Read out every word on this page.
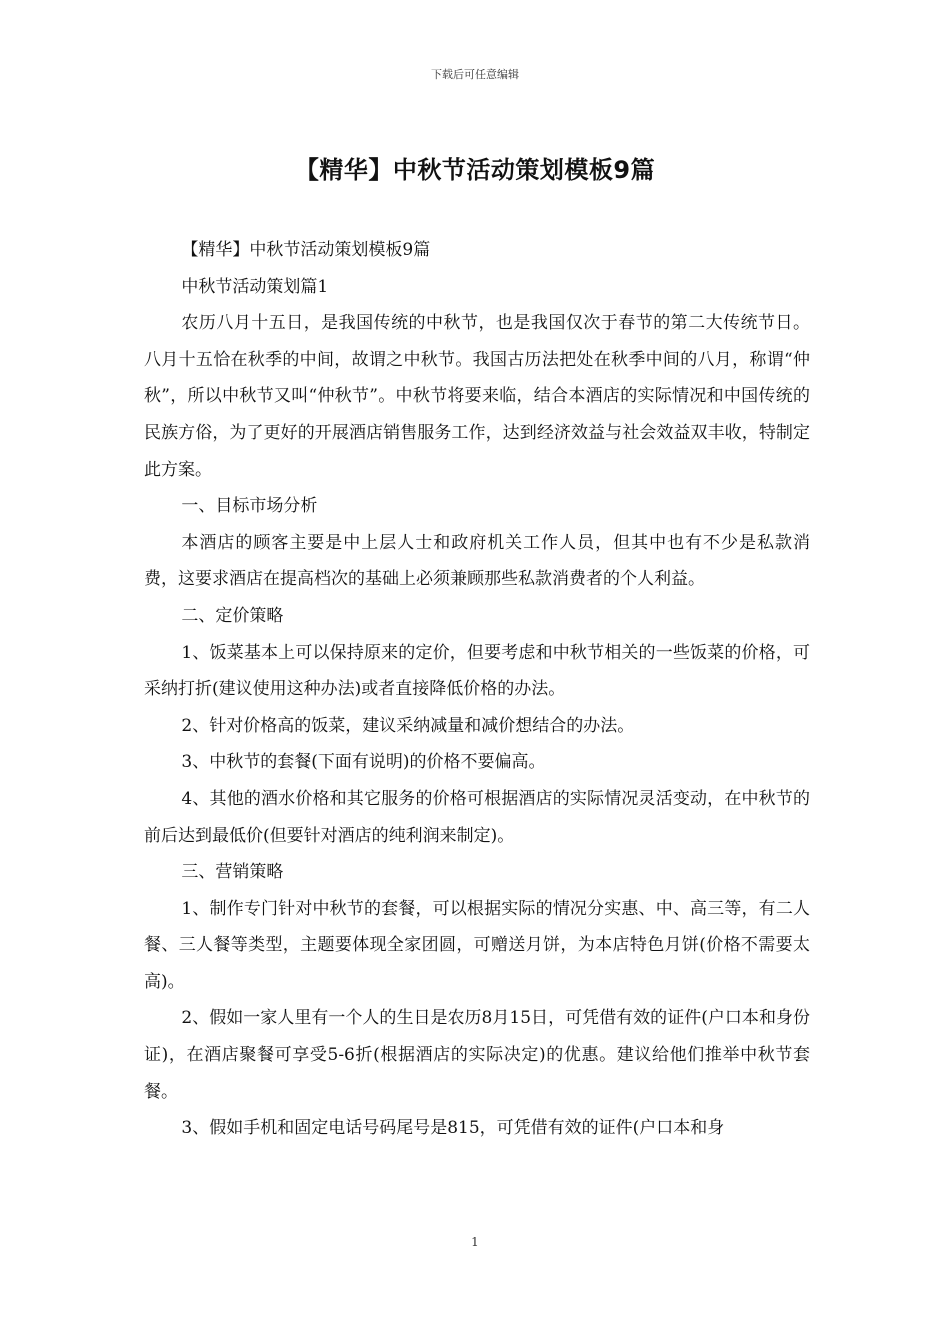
下载后可任意编辑
【精华】中秋节活动策划模板9篇

【精华】中秋节活动策划模板9篇

中秋节活动策划篇1

农历八月十五日，是我国传统的中秋节，也是我国仅次于春节的第二大传统节日。八月十五恰在秋季的中间，故谓之中秋节。我国古历法把处在秋季中间的八月，称谓“仲秋”，所以中秋节又叫“仲秋节”。中秋节将要来临，结合本酒店的实际情况和中国传统的民族方俗，为了更好的开展酒店销售服务工作，达到经济效益与社会效益双丰收，特制定此方案。

一、目标市场分析

本酒店的顾客主要是中上层人士和政府机关工作人员，但其中也有不少是私款消费，这要求酒店在提高档次的基础上必须兼顾那些私款消费者的个人利益。

二、定价策略

1、饭菜基本上可以保持原来的定价，但要考虑和中秋节相关的一些饭菜的价格，可采纳打折(建议使用这种办法)或者直接降低价格的办法。

2、针对价格高的饭菜，建议采纳减量和减价想结合的办法。

3、中秋节的套餐(下面有说明)的价格不要偏高。

4、其他的酒水价格和其它服务的价格可根据酒店的实际情况灵活变动，在中秋节的前后达到最低价(但要针对酒店的纯利润来制定)。

三、营销策略

1、制作专门针对中秋节的套餐，可以根据实际的情况分实惠、中、高三等，有二人餐、三人餐等类型，主题要体现全家团圆，可赠送月饼，为本店特色月饼(价格不需要太高)。

2、假如一家人里有一个人的生日是农历8月15日，可凭借有效的证件(户口本和身份证)，在酒店聚餐可享受5-6折(根据酒店的实际决定)的优惠。建议给他们推举中秋节套餐。

3、假如手机和固定电话号码尾号是815，可凭借有效的证件(户口本和身

1
